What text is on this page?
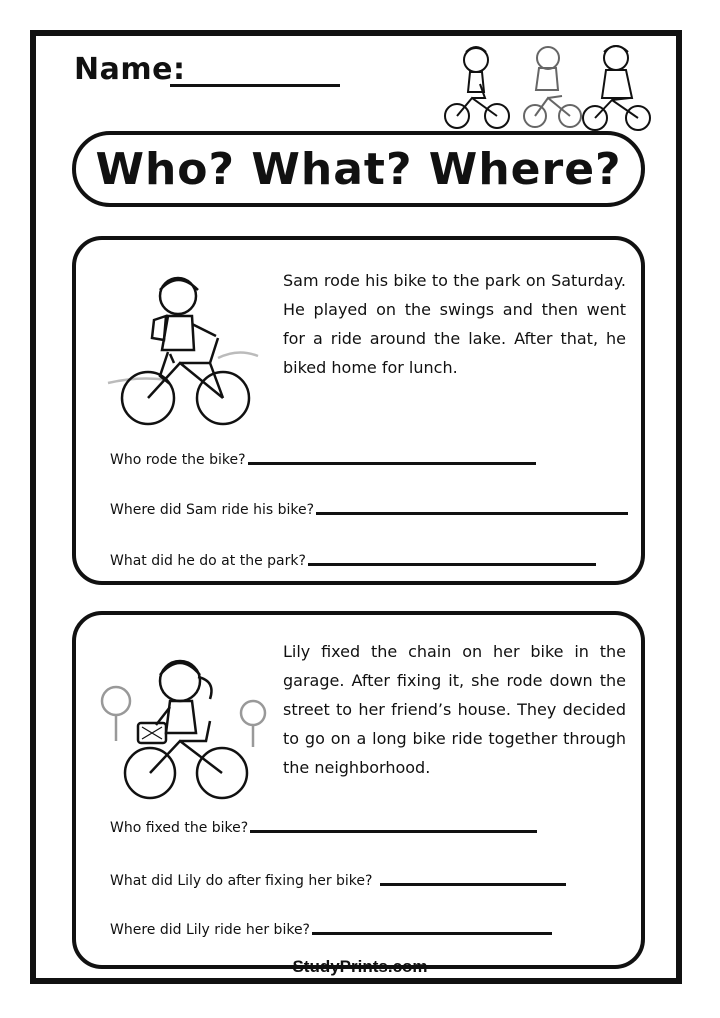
Name:
Who? What? Where?
Sam rode his bike to the park on Saturday. He played on the swings and then went for a ride around the lake. After that, he biked home for lunch.
Who rode the bike?
Where did Sam ride his bike?
What did he do at the park?
Lily fixed the chain on her bike in the garage. After fixing it, she rode down the street to her friend’s house. They decided to go on a long bike ride together through the neighborhood.
Who fixed the bike?
What did Lily do after fixing her bike?
Where did Lily ride her bike?
StudyPrints.com
